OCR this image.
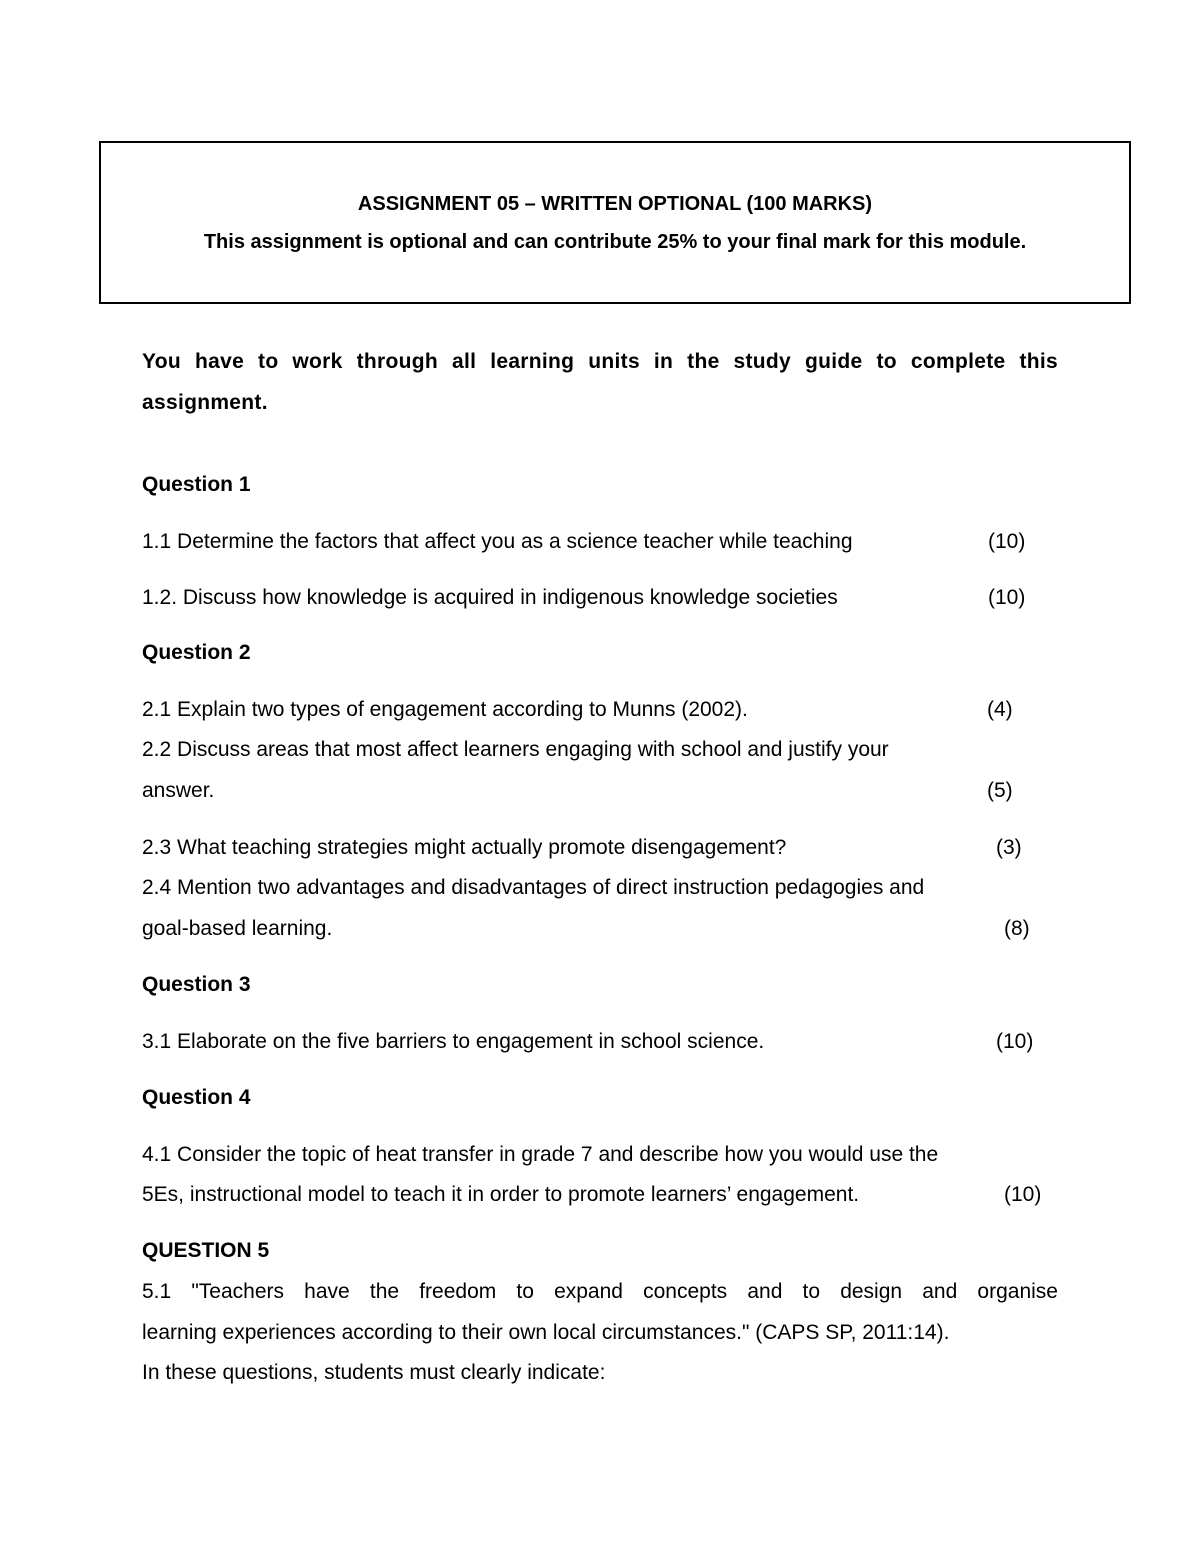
ASSIGNMENT 05 – WRITTEN OPTIONAL (100 MARKS)
This assignment is optional and can contribute 25% to your final mark for this module.
You have to work through all learning units in the study guide to complete this
assignment.
Question 1
1.1 Determine the factors that affect you as a science teacher while teaching	(10)
1.2. Discuss how knowledge is acquired in indigenous knowledge societies	(10)
Question 2
2.1 Explain two types of engagement according to Munns (2002).	(4)
2.2 Discuss areas that most affect learners engaging with school and justify your
answer.	(5)
2.3 What teaching strategies might actually promote disengagement?	(3)
2.4 Mention two advantages and disadvantages of direct instruction pedagogies and
goal-based learning.	(8)
Question 3
3.1 Elaborate on the five barriers to engagement in school science.	(10)
Question 4
4.1 Consider the topic of heat transfer in grade 7 and describe how you would use the
5Es, instructional model to teach it in order to promote learners’ engagement.	(10)
QUESTION 5
5.1 "Teachers have the freedom to expand concepts and to design and organise
learning experiences according to their own local circumstances." (CAPS SP, 2011:14).
In these questions, students must clearly indicate:
